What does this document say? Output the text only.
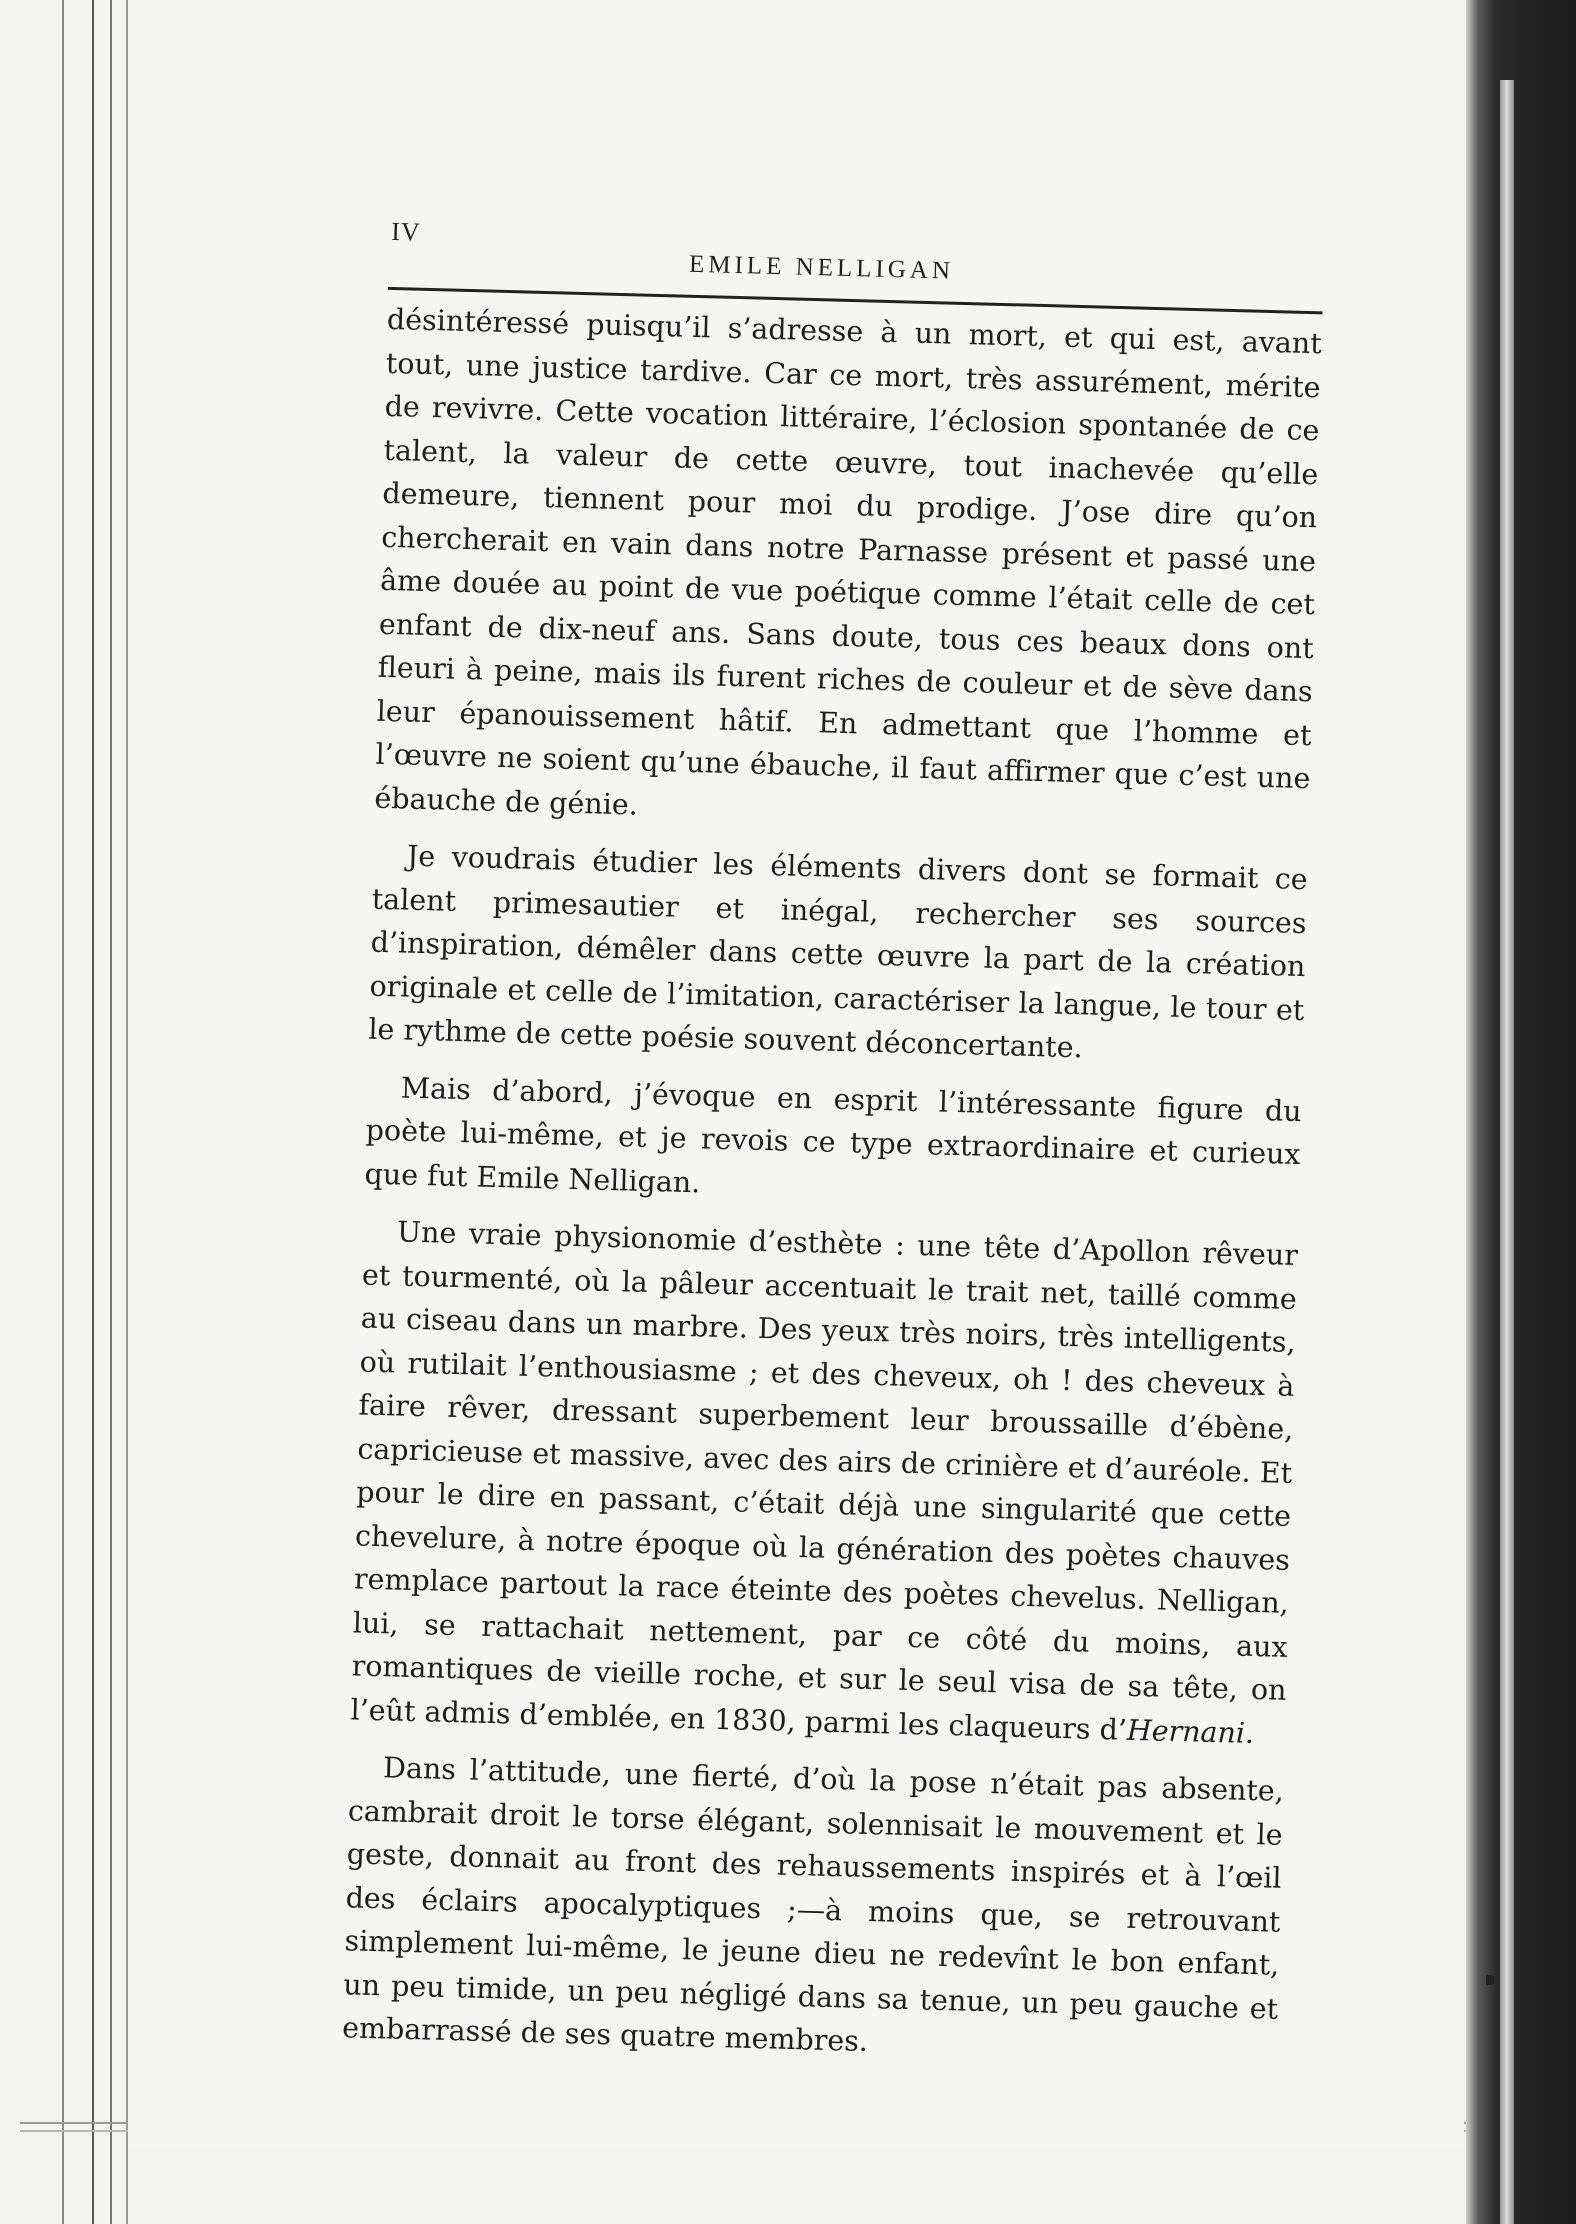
IV
EMILE NELLIGAN

désintéressé puisqu’il s’adresse à un mort, et qui est, avant tout, une justice tardive. Car ce mort, très assurément, mérite de revivre. Cette vocation littéraire, l’éclosion spontanée de ce talent, la valeur de cette œuvre, tout inachevée qu’elle demeure, tiennent pour moi du prodige. J’ose dire qu’on chercherait en vain dans notre Parnasse présent et passé une âme douée au point de vue poétique comme l’était celle de cet enfant de dix-neuf ans. Sans doute, tous ces beaux dons ont fleuri à peine, mais ils furent riches de couleur et de sève dans leur épanouissement hâtif. En admettant que l’homme et l’œuvre ne soient qu’une ébauche, il faut affirmer que c’est une ébauche de génie.

Je voudrais étudier les éléments divers dont se formait ce talent primesautier et inégal, rechercher ses sources d’inspiration, démêler dans cette œuvre la part de la création originale et celle de l’imitation, caractériser la langue, le tour et le rythme de cette poésie souvent déconcertante.

Mais d’abord, j’évoque en esprit l’intéressante figure du poète lui-même, et je revois ce type extraordinaire et curieux que fut Emile Nelligan.

Une vraie physionomie d’esthète : une tête d’Apollon rêveur et tourmenté, où la pâleur accentuait le trait net, taillé comme au ciseau dans un marbre. Des yeux très noirs, très intelligents, où rutilait l’enthousiasme ; et des cheveux, oh ! des cheveux à faire rêver, dressant superbement leur broussaille d’ébène, capricieuse et massive, avec des airs de crinière et d’auréole. Et pour le dire en passant, c’était déjà une singularité que cette chevelure, à notre époque où la génération des poètes chauves remplace partout la race éteinte des poètes chevelus. Nelligan, lui, se rattachait nettement, par ce côté du moins, aux romantiques de vieille roche, et sur le seul visa de sa tête, on l’eût admis d’emblée, en 1830, parmi les claqueurs d’Hernani.

Dans l’attitude, une fierté, d’où la pose n’était pas absente, cambrait droit le torse élégant, solennisait le mouvement et le geste, donnait au front des rehaussements inspirés et à l’œil des éclairs apocalyptiques ;—à moins que, se retrouvant simplement lui-même, le jeune dieu ne redevînt le bon enfant, un peu timide, un peu négligé dans sa tenue, un peu gauche et embarrassé de ses quatre membres.
